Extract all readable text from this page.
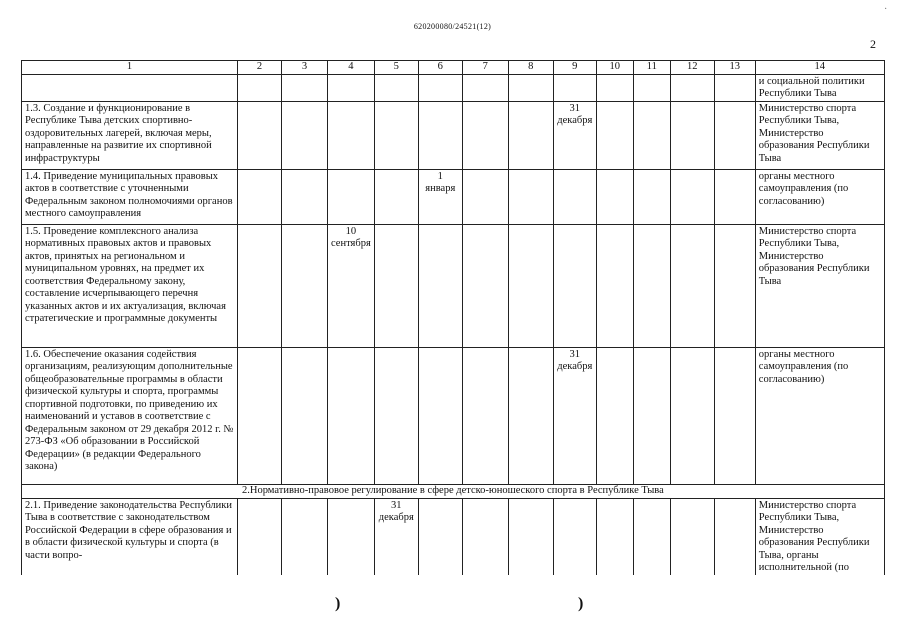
620200080/24521(12)
2
·
1	2	3	4	5	6	7	8	9	10	11	12	13	14
													и социальной политики Республики Тыва
1.3. Создание и функционирование в Республике Тыва детских спортивно-оздоровительных лагерей, включая меры, направленные на развитие их спортивной инфраструктуры								31 декабря					Министерство спорта Республики Тыва, Министерство образования Республики Тыва
1.4. Приведение муниципальных правовых актов в соответствие с уточненными Федеральным законом полномочиями органов местного самоуправления					1 января								органы местного самоуправления (по согласованию)
1.5. Проведение комплексного анализа нормативных правовых актов и правовых актов, принятых на региональном и муниципальном уровнях, на предмет их соответствия Федеральному закону, составление исчерпывающего перечня указанных актов и их актуализация, включая стратегические и программные документы			10 сентября										Министерство спорта Республики Тыва, Министерство образования Республики Тыва
1.6. Обеспечение оказания содействия организациям, реализующим дополнительные общеобразовательные программы в области физической культуры и спорта, программы спортивной подготовки, по приведению их наименований и уставов в соответствие с Федеральным законом от 29 декабря 2012 г. № 273-ФЗ «Об образовании в Российской Федерации» (в редакции Федерального закона)								31 декабря					органы местного самоуправления (по согласованию)
2.Нормативно-правовое регулирование в сфере детско-юношеского спорта в Республике Тыва													
2.1. Приведение законодательства Республики Тыва в соответствие с законодательством Российской Федерации в сфере образования и в области физической культуры и спорта (в части вопро-				31 декабря									Министерство спорта Республики Тыва, Министерство образования Республики Тыва, органы исполнительной (по
)	)
